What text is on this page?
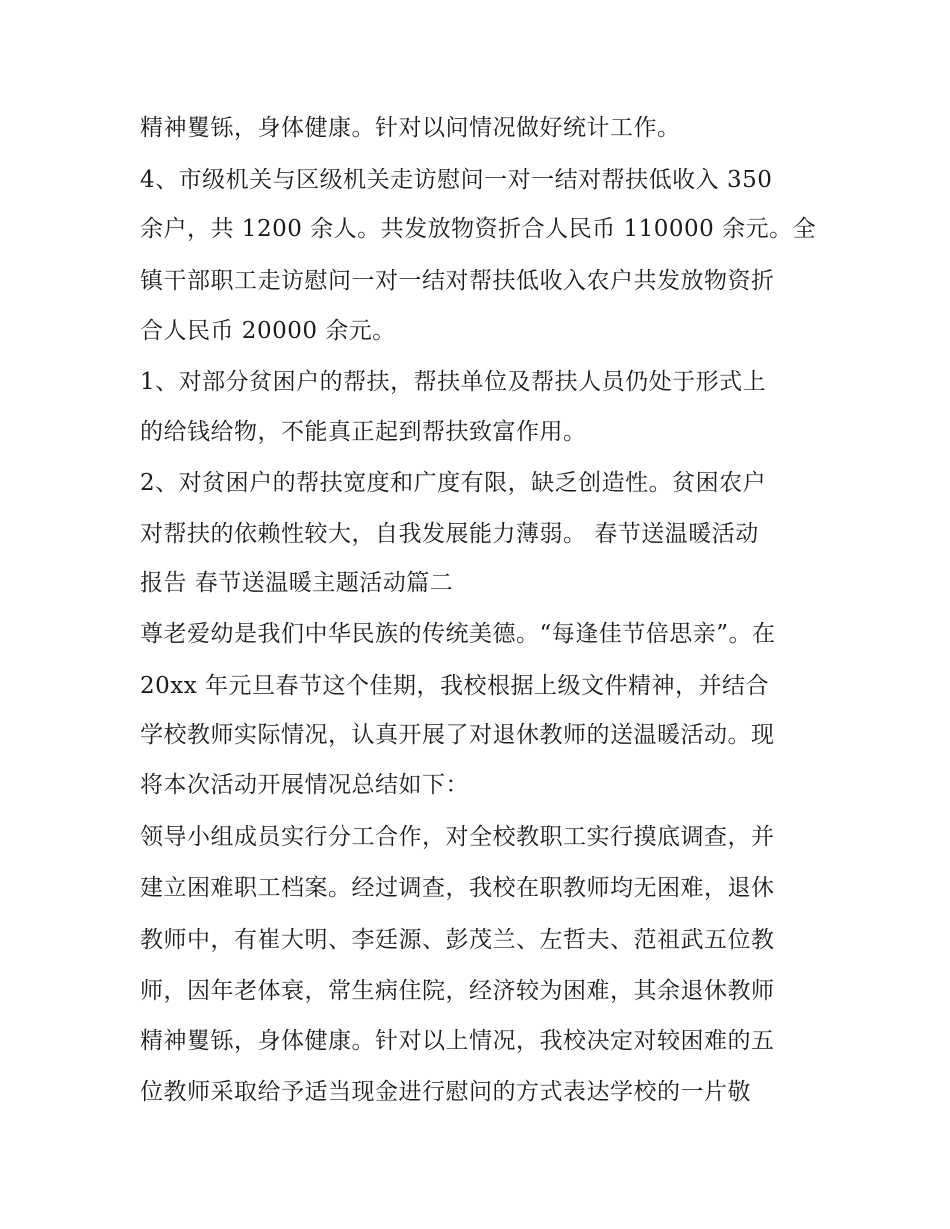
精神矍铄，身体健康。针对以问情况做好统计工作。
4、市级机关与区级机关走访慰问一对一结对帮扶低收入 350
余户，共 1200 余人。共发放物资折合人民币 110000 余元。全
镇干部职工走访慰问一对一结对帮扶低收入农户共发放物资折
合人民币 20000 余元。
1、对部分贫困户的帮扶，帮扶单位及帮扶人员仍处于形式上
的给钱给物，不能真正起到帮扶致富作用。
2、对贫困户的帮扶宽度和广度有限，缺乏创造性。贫困农户
对帮扶的依赖性较大，自我发展能力薄弱。 春节送温暖活动
报告 春节送温暖主题活动篇二
尊老爱幼是我们中华民族的传统美德。“每逢佳节倍思亲”。在
20xx 年元旦春节这个佳期，我校根据上级文件精神，并结合
学校教师实际情况，认真开展了对退休教师的送温暖活动。现
将本次活动开展情况总结如下：
领导小组成员实行分工合作，对全校教职工实行摸底调查，并
建立困难职工档案。经过调查，我校在职教师均无困难，退休
教师中，有崔大明、李廷源、彭茂兰、左哲夫、范祖武五位教
师，因年老体衰，常生病住院，经济较为困难，其余退休教师
精神矍铄，身体健康。针对以上情况，我校决定对较困难的五
位教师采取给予适当现金进行慰问的方式表达学校的一片敬
